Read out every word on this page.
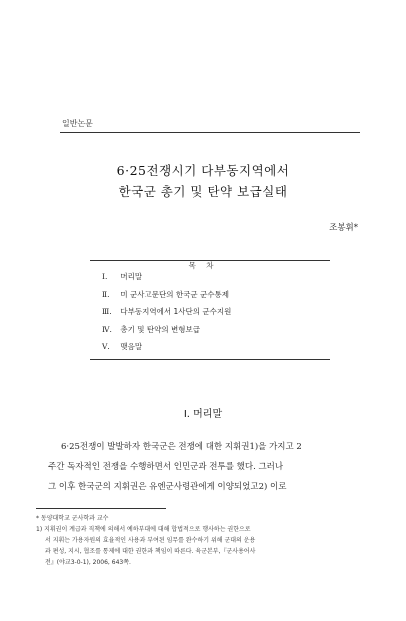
일반논문
6·25전쟁시기 다부동지역에서
한국군 총기 및 탄약 보급실태
조봉휘*
목 차
Ⅰ. 머리말
Ⅱ. 미 군사고문단의 한국군 군수통제
Ⅲ. 다부동지역에서 1사단의 군수지원
Ⅳ. 총기 및 탄약의 변형보급
Ⅴ. 맺음말
Ⅰ. 머리말
6·25전쟁이 발발하자 한국군은 전쟁에 대한 지휘권1)을 가지고 2
주간 독자적인 전쟁을 수행하면서 인민군과 전투를 했다. 그러나
그 이후 한국군의 지휘권은 유엔군사령관에게 이양되었고2) 이로
* 동양대학교 군사학과 교수
1) 지휘권이 계급과 직책에 의해서 예하부대에 대해 합법적으로 행사하는 권한으로
서 지휘는 가용자원의 효율적인 사용과 부여된 임무를 완수하기 위해 군대의 운용
과 편성, 지시, 협조를 통제에 대한 권한과 책임이 따른다. 육군본부,『군사용어사
전』(야교3-0-1), 2006, 643쪽.
